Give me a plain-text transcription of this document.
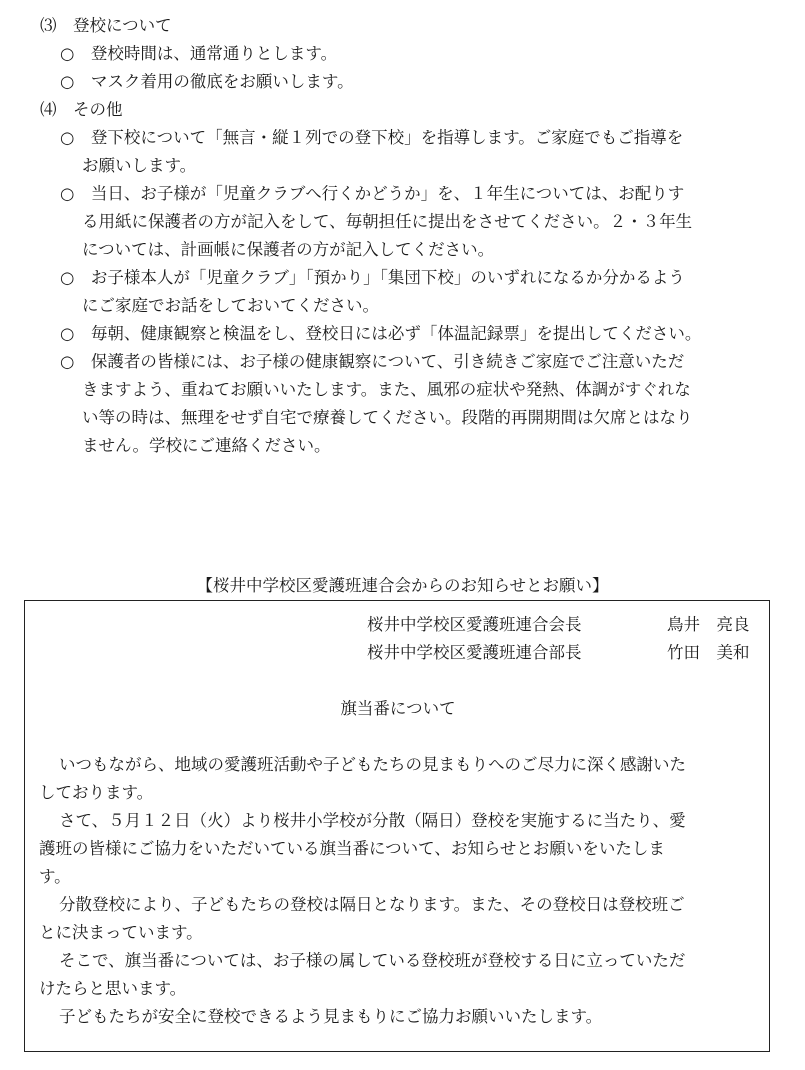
⑶　登校について
○　登校時間は、通常通りとします。
○　マスク着用の徹底をお願いします。
⑷　その他
○　登下校について「無言・縦１列での登下校」を指導します。ご家庭でもご指導を
お願いします。
○　当日、お子様が「児童クラブへ行くかどうか」を、１年生については、お配りす
る用紙に保護者の方が記入をして、毎朝担任に提出をさせてください。２・３年生
については、計画帳に保護者の方が記入してください。
○　お子様本人が「児童クラブ」「預かり」「集団下校」のいずれになるか分かるよう
にご家庭でお話をしておいてください。
○　毎朝、健康観察と検温をし、登校日には必ず「体温記録票」を提出してください。
○　保護者の皆様には、お子様の健康観察について、引き続きご家庭でご注意いただ
きますよう、重ねてお願いいたします。また、風邪の症状や発熱、体調がすぐれな
い等の時は、無理をせず自宅で療養してください。段階的再開期間は欠席とはなり
ません。学校にご連絡ください。
【桜井中学校区愛護班連合会からのお知らせとお願い】
桜井中学校区愛護班連合会長	鳥井　亮良
桜井中学校区愛護班連合部長	竹田　美和
旗当番について
いつもながら、地域の愛護班活動や子どもたちの見まもりへのご尽力に深く感謝いた
しております。
さて、５月１２日（火）より桜井小学校が分散（隔日）登校を実施するに当たり、愛
護班の皆様にご協力をいただいている旗当番について、お知らせとお願いをいたしま
す。
分散登校により、子どもたちの登校は隔日となります。また、その登校日は登校班ご
とに決まっています。
そこで、旗当番については、お子様の属している登校班が登校する日に立っていただ
けたらと思います。
子どもたちが安全に登校できるよう見まもりにご協力お願いいたします。
